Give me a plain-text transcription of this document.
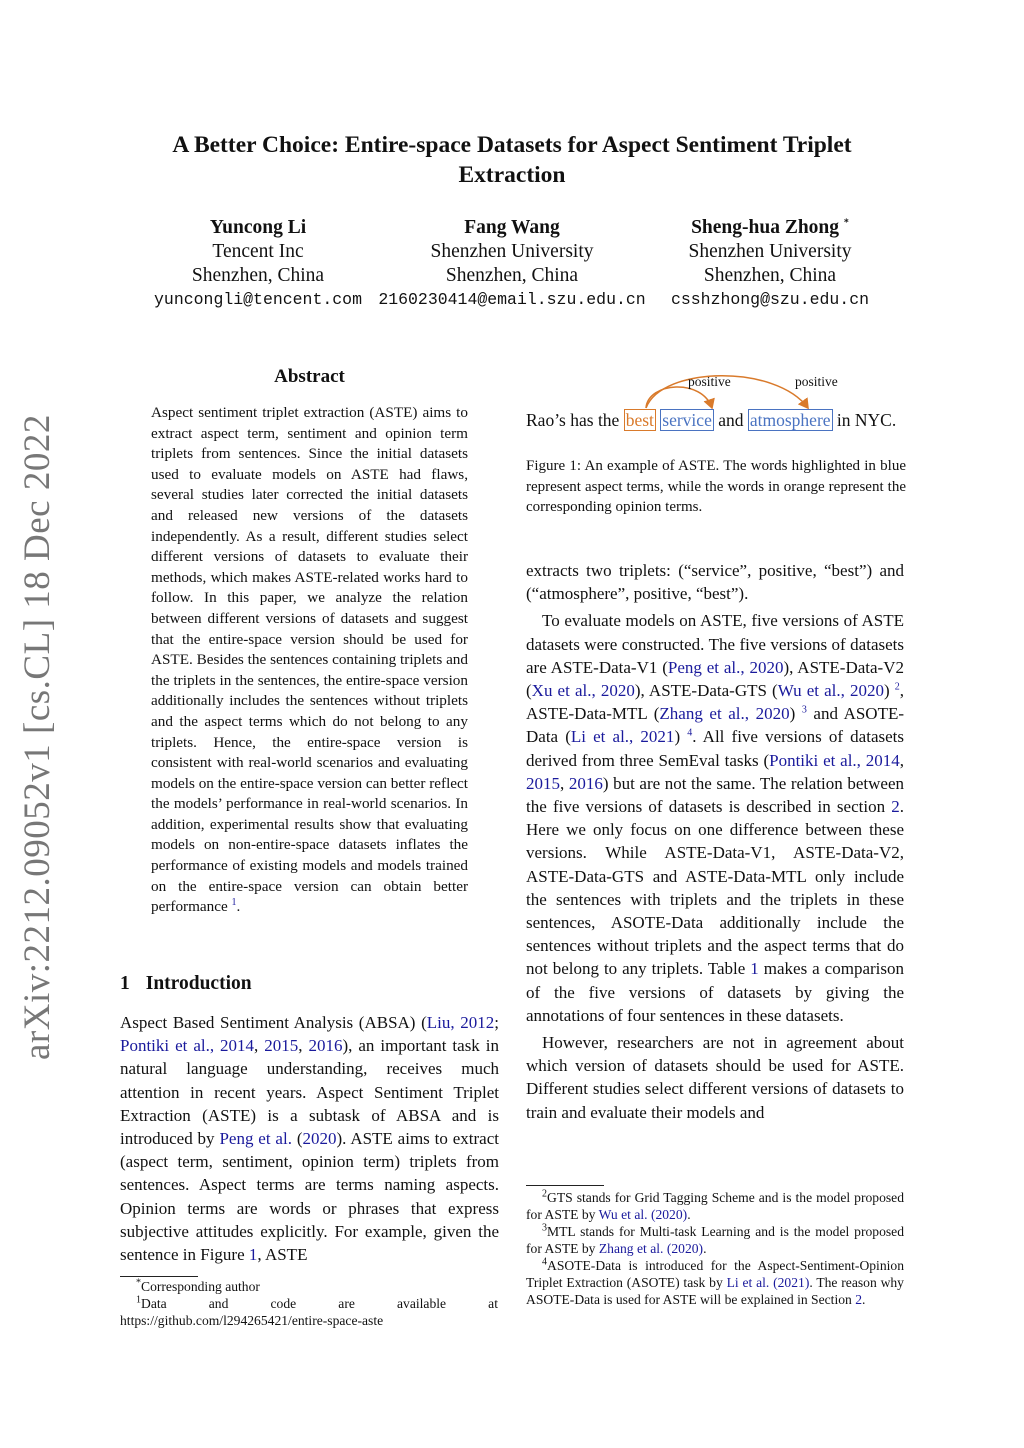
arXiv:2212.09052v1 [cs.CL] 18 Dec 2022
A Better Choice: Entire-space Datasets for Aspect Sentiment Triplet Extraction
Yuncong Li
Tencent Inc
Shenzhen, China
yuncongli@tencent.com
Fang Wang
Shenzhen University
Shenzhen, China
2160230414@email.szu.edu.cn
Sheng-hua Zhong *
Shenzhen University
Shenzhen, China
csshzhong@szu.edu.cn
Abstract
Aspect sentiment triplet extraction (ASTE) aims to extract aspect term, sentiment and opinion term triplets from sentences. Since the initial datasets used to evaluate models on ASTE had flaws, several studies later corrected the initial datasets and released new versions of the datasets independently. As a result, different studies select different versions of datasets to evaluate their methods, which makes ASTE-related works hard to follow. In this paper, we analyze the relation between different versions of datasets and suggest that the entire-space version should be used for ASTE. Besides the sentences containing triplets and the triplets in the sentences, the entire-space version additionally includes the sentences without triplets and the aspect terms which do not belong to any triplets. Hence, the entire-space version is consistent with real-world scenarios and evaluating models on the entire-space version can better reflect the models’ performance in real-world scenarios. In addition, experimental results show that evaluating models on non-entire-space datasets inflates the performance of existing models and models trained on the entire-space version can obtain better performance $^1$.
1 Introduction

Aspect Based Sentiment Analysis (ABSA) (Liu, 2012; Pontiki et al., 2014, 2015, 2016), an important task in natural language understanding, receives much attention in recent years. Aspect Sentiment Triplet Extraction (ASTE) is a subtask of ABSA and is introduced by Peng et al. (2020). ASTE aims to extract (aspect term, sentiment, opinion term) triplets from sentences. Aspect terms are terms naming aspects. Opinion terms are words or phrases that express subjective attitudes explicitly. For example, given the sentence in Figure 1, ASTE

*Corresponding author

$^1$Data and code are available at https://github.com/l294265421/entire-space-aste

positive	positive
Rao’s has the best service and atmosphere in NYC.
Figure 1: An example of ASTE. The words highlighted in blue represent aspect terms, while the words in orange represent the corresponding opinion terms.

extracts two triplets: (“service”, positive, “best”) and (“atmosphere”, positive, “best”).

To evaluate models on ASTE, five versions of ASTE datasets were constructed. The five versions of datasets are ASTE-Data-V1 (Peng et al., 2020), ASTE-Data-V2 (Xu et al., 2020), ASTE-Data-GTS (Wu et al., 2020) $^2$, ASTE-Data-MTL (Zhang et al., 2020) $^3$ and ASOTE-Data (Li et al., 2021) $^4$. All five versions of datasets derived from three SemEval tasks (Pontiki et al., 2014, 2015, 2016) but are not the same. The relation between the five versions of datasets is described in section 2. Here we only focus on one difference between these versions. While ASTE-Data-V1, ASTE-Data-V2, ASTE-Data-GTS and ASTE-Data-MTL only include the sentences with triplets and the triplets in these sentences, ASOTE-Data additionally include the sentences without triplets and the aspect terms that do not belong to any triplets. Table 1 makes a comparison of the five versions of datasets by giving the annotations of four sentences in these datasets.

However, researchers are not in agreement about which version of datasets should be used for ASTE. Different studies select different versions of datasets to train and evaluate their models and

$^2$GTS stands for Grid Tagging Scheme and is the model proposed for ASTE by Wu et al. (2020).

$^3$MTL stands for Multi-task Learning and is the model proposed for ASTE by Zhang et al. (2020).

$^4$ASOTE-Data is introduced for the Aspect-Sentiment-Opinion Triplet Extraction (ASOTE) task by Li et al. (2021). The reason why ASOTE-Data is used for ASTE will be explained in Section 2.
